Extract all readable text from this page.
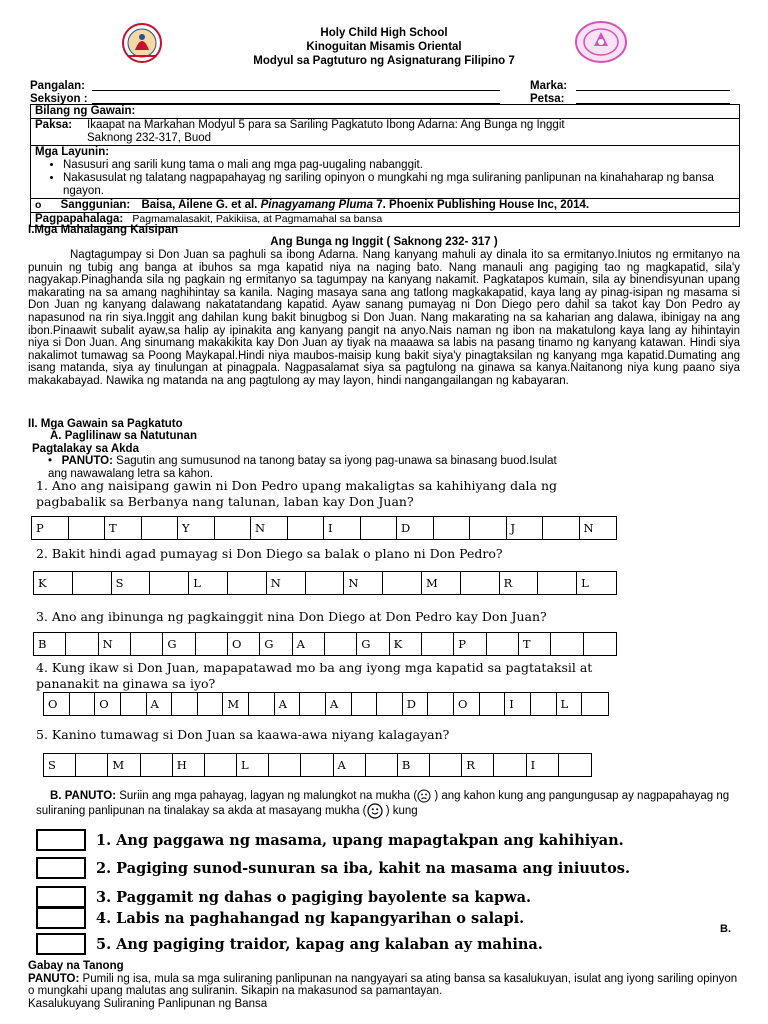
Holy Child High School
Kinoguitan Misamis Oriental
Modyul sa Pagtuturo ng Asignaturang Filipino 7
Pangalan:	Marka:
Seksiyon :	Petsa:
Bilang ng Gawain:
Paksa:	Ikaapat na Markahan Modyul 5 para sa Sariling Pagkatuto Ibong Adarna: Ang Bunga ng Inggit
Saknong 232-317, Buod
Mga Layunin:
• Nasusuri ang sarili kung tama o mali ang mga pag-uugaling nabanggit.
• Nakasusulat ng talatang nagpapahayag ng sariling opinyon o mungkahi ng mga suliraning panlipunan na kinahaharap ng bansa ngayon.
o Sanggunian: Baisa, Ailene G. et al. Pinagyamang Pluma 7. Phoenix Publishing House Inc, 2014.
Pagpapahalaga: Pagmamalasakit, Pakikiisa, at Pagmamahal sa bansa
I.Mga Mahalagang Kaisipan
Ang Bunga ng Inggit ( Saknong 232- 317 )

Nagtagumpay si Don Juan sa paghuli sa ibong Adarna. Nang kanyang mahuli ay dinala ito sa ermitanyo.Iniutos ng ermitanyo na punuin ng tubig ang banga at ibuhos sa mga kapatid niya na naging bato. Nang manauli ang pagiging tao ng magkapatid, sila'y nagyakap.Pinaghanda sila ng pagkain ng ermitanyo sa tagumpay na kanyang nakamit. Pagkatapos kumain, sila ay binendisyunan upang makarating na sa amang naghihintay sa kanila. Naging masaya sana ang tatlong magkakapatid, kaya lang ay pinag-isipan ng masama si Don Juan ng kanyang dalawang nakatatandang kapatid. Ayaw sanang pumayag ni Don Diego pero dahil sa takot kay Don Pedro ay napasunod na rin siya.Inggit ang dahilan kung bakit binugbog si Don Juan. Nang makarating na sa kaharian ang dalawa, ibinigay na ang ibon.Pinaawit subalit ayaw,sa halip ay ipinakita ang kanyang pangit na anyo.Nais naman ng ibon na makatulong kaya lang ay hihintayin niya si Don Juan. Ang sinumang makakikita kay Don Juan ay tiyak na maaawa sa labis na pasang tinamo ng kanyang katawan. Hindi siya nakalimot tumawag sa Poong Maykapal.Hindi niya maubos-maisip kung bakit siya'y pinagtaksilan ng kanyang mga kapatid.Dumating ang isang matanda, siya ay tinulungan at pinagpala. Nagpasalamat siya sa pagtulong na ginawa sa kanya.Naitanong niya kung paano siya makakabayad. Nawika ng matanda na ang pagtulong ay may layon, hindi nangangailangan ng kabayaran.

II. Mga Gawain sa Pagkatuto
A. Paglilinaw sa Natutunan
Pagtalakay sa Akda
•   PANUTO: Sagutin ang sumusunod na tanong batay sa iyong pag-unawa sa binasang buod.Isulat ang nawawalang letra sa kahon.
1. Ano ang naisipang gawin ni Don Pedro upang makaligtas sa kahihiyang dala ng pagbabalik sa Berbanya nang talunan, laban kay Don Juan?
P	T	Y	N	I	D	J	N
2. Bakit hindi agad pumayag si Don Diego sa balak o plano ni Don Pedro?
K	S	L	N	N	M	R	L
3. Ano ang ibinunga ng pagkainggit nina Don Diego at Don Pedro kay Don Juan?
B	N	G	O	G	A	G	K	P	T
4. Kung ikaw si Don Juan, mapapatawad mo ba ang iyong mga kapatid sa pagtataksil at pananakit na ginawa sa iyo?
O	O	A	M	A	A	D	O	I	L
5. Kanino tumawag si Don Juan sa kaawa-awa niyang kalagayan?
S	M	H	L	A	B	R	I
B. PANUTO: Suriin ang mga pahayag, lagyan ng malungkot na mukha ( ) ang kahon kung ang pangungusap ay nagpapahayag ng suliraning panlipunan na tinalakay sa akda at masayang mukha ( ) kung
1. Ang paggawa ng masama, upang mapagtakpan ang kahihiyan.
2. Pagiging sunod-sunuran sa iba, kahit na masama ang iniuutos.
3. Paggamit ng dahas o pagiging bayolente sa kapwa.
4. Labis na paghahangad ng kapangyarihan o salapi.
5. Ang pagiging traidor, kapag ang kalaban ay mahina.
B.
Gabay na Tanong
PANUTO: Pumili ng isa, mula sa mga suliraning panlipunan na nangyayari sa ating bansa sa kasalukuyan, isulat ang iyong sariling opinyon o mungkahi upang malutas ang suliranin. Sikapin na makasunod sa pamantayan.
Kasalukuyang Suliraning Panlipunan ng Bansa
